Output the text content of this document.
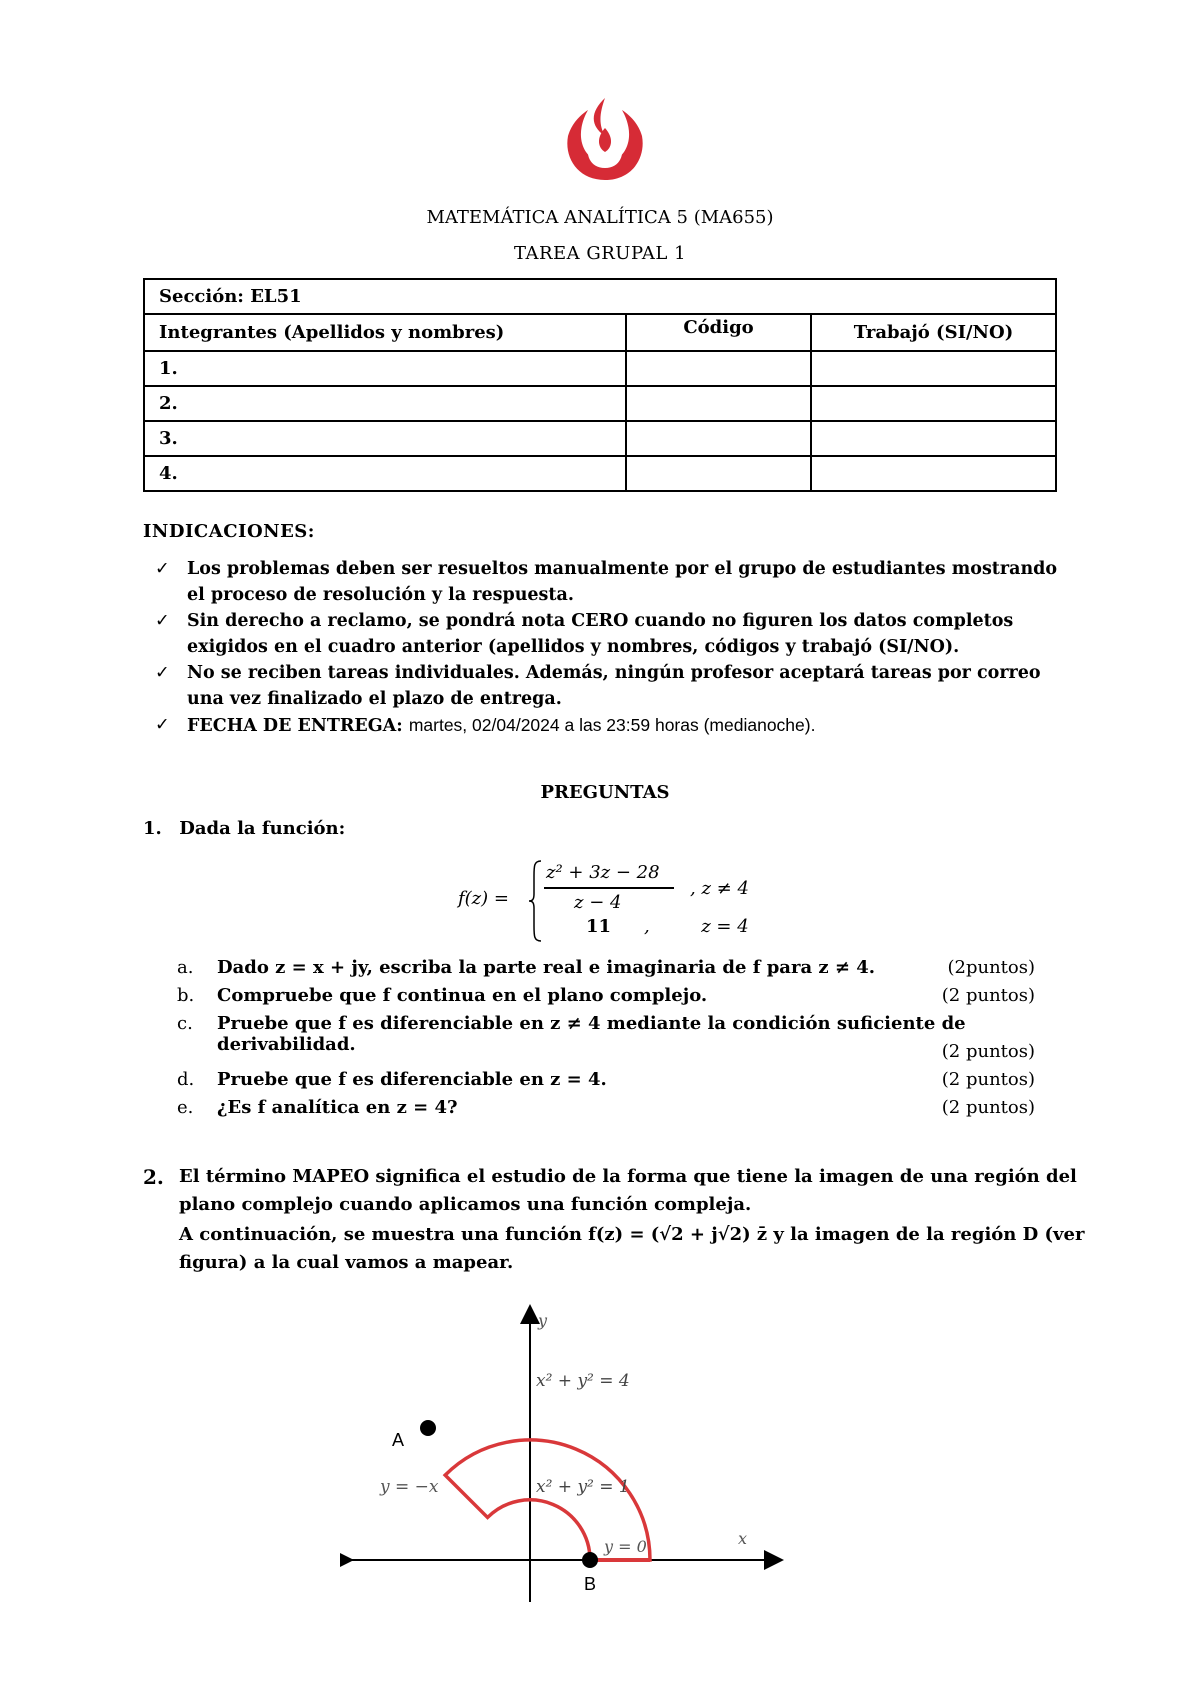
MATEMÁTICA ANALÍTICA 5 (MA655)
TAREA GRUPAL 1
Sección: EL51		
Integrantes (Apellidos y nombres)	Código	Trabajó (SI/NO)
1.		
2.		
3.		
4.		
INDICACIONES:
✓ Los problemas deben ser resueltos manualmente por el grupo de estudiantes mostrando el proceso de resolución y la respuesta.
✓ Sin derecho a reclamo, se pondrá nota CERO cuando no figuren los datos completos exigidos en el cuadro anterior (apellidos y nombres, códigos y trabajó (SI/NO).
✓ No se reciben tareas individuales. Además, ningún profesor aceptará tareas por correo una vez finalizado el plazo de entrega.
✓ FECHA DE ENTREGA: martes, 02/04/2024 a las 23:59 horas (medianoche).
PREGUNTAS
1. Dada la función:
f(z) =
z² + 3z − 28
z − 4
, z ≠ 4
11 ,         z = 4
a. Dado z = x + jy, escriba la parte real e imaginaria de f para z ≠ 4.	(2puntos)
b. Compruebe que f continua en el plano complejo.	(2 puntos)
c. Pruebe que f es diferenciable en z ≠ 4 mediante la condición suficiente de derivabilidad.	(2 puntos)
d. Pruebe que f es diferenciable en z = 4.	(2 puntos)
e. ¿Es f analítica en z = 4?	(2 puntos)
2. El término MAPEO significa el estudio de la forma que tiene la imagen de una región del plano complejo cuando aplicamos una función compleja.
A continuación, se muestra una función f(z) = (√2 + j√2) z̄ y la imagen de la región D (ver figura) a la cual vamos a mapear.
y
x
x² + y² = 4
x² + y² = 1
y = −x
y = 0
A
B
